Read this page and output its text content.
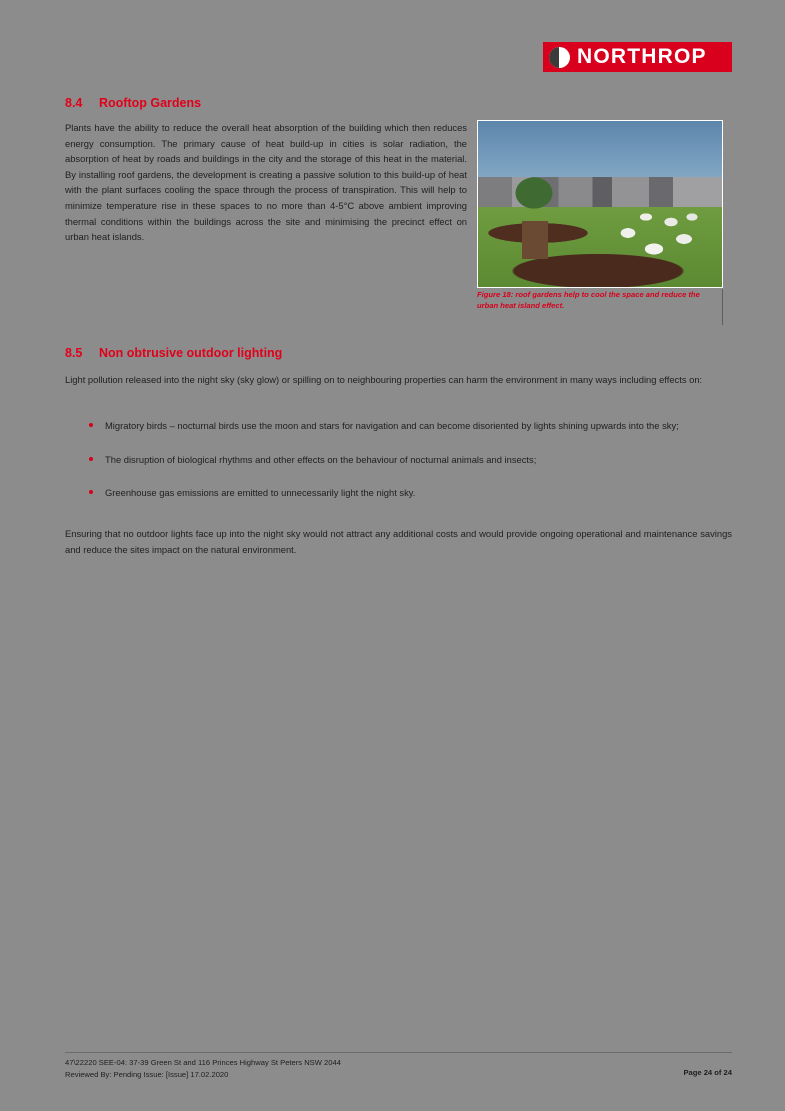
NORTHROP
8.4 Rooftop Gardens
Plants have the ability to reduce the overall heat absorption of the building which then reduces energy consumption. The primary cause of heat build-up in cities is solar radiation, the absorption of heat by roads and buildings in the city and the storage of this heat in the material. By installing roof gardens, the development is creating a passive solution to this build-up of heat with the plant surfaces cooling the space through the process of transpiration. This will help to minimize temperature rise in these spaces to no more than 4-5°C above ambient improving thermal conditions within the buildings across the site and minimising the precinct effect on urban heat islands.
Figure 18: roof gardens help to cool the space and reduce the urban heat island effect.
8.5 Non obtrusive outdoor lighting
Light pollution released into the night sky (sky glow) or spilling on to neighbouring properties can harm the environment in many ways including effects on:
Migratory birds – nocturnal birds use the moon and stars for navigation and can become disoriented by lights shining upwards into the sky;
The disruption of biological rhythms and other effects on the behaviour of nocturnal animals and insects;
Greenhouse gas emissions are emitted to unnecessarily light the night sky.
Ensuring that no outdoor lights face up into the night sky would not attract any additional costs and would provide ongoing operational and maintenance savings and reduce the sites impact on the natural environment.
47\22220 SEE-04: 37-39 Green St and 116 Princes Highway St Peters NSW 2044
Reviewed By: Pending Issue: [Issue] 17.02.2020	Page 24 of 24
